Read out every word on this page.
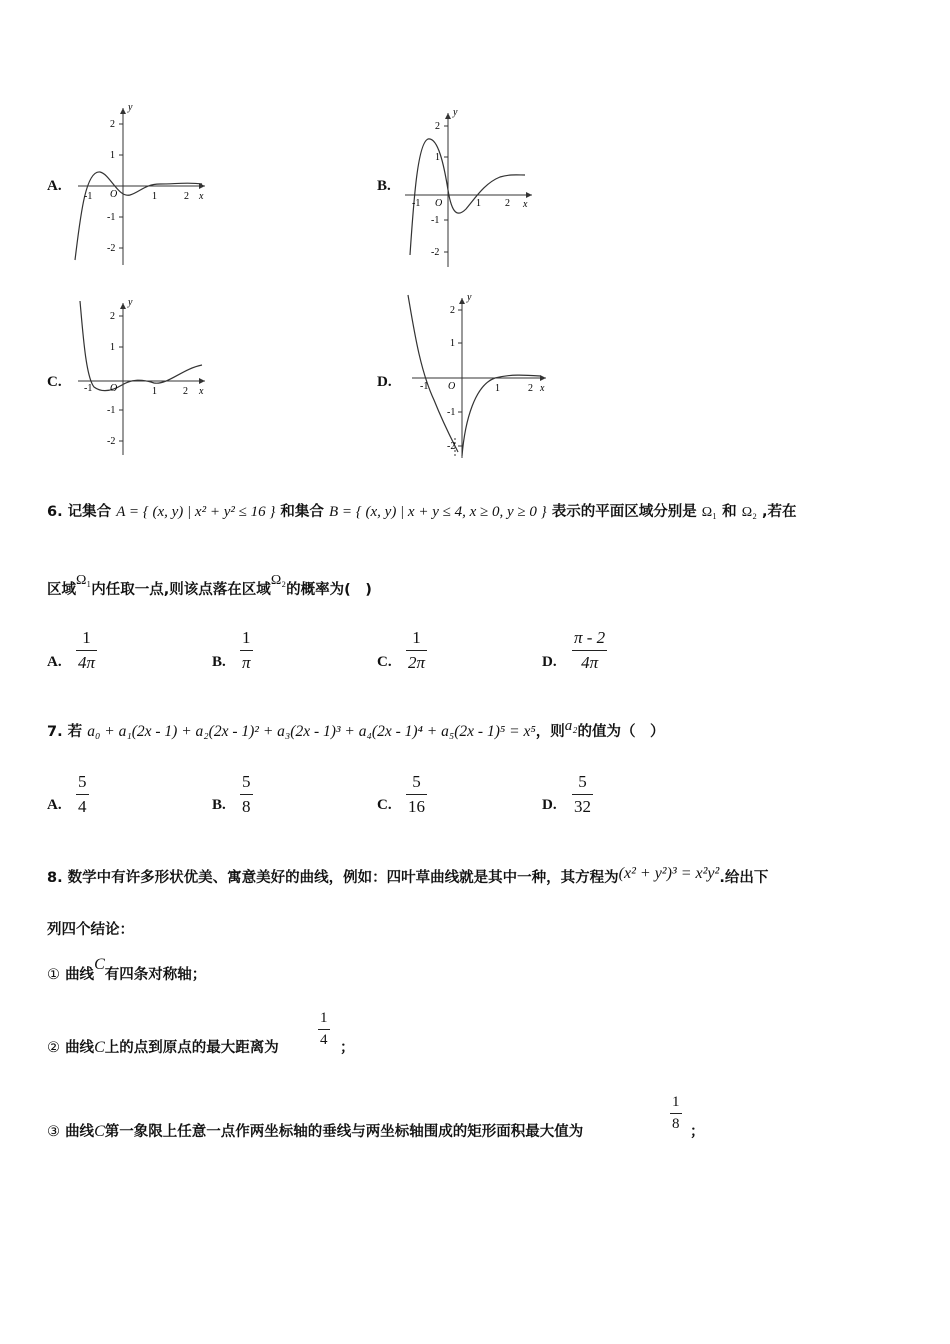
A.	B.
C.	D.
y
x
O
2
1
-1
-2
-1	1	2
y
x
O
2
1
-1
-2
-1	1 2
y
x
O
2
1
-1
-2
-1	1	2
y
x
O
2
1
-1
-2
-1	1	2
6. 记集合 A = { (x, y) | x² + y² ≤ 16 } 和集合 B = { (x, y) | x + y ≤ 4, x ≥ 0, y ≥ 0 } 表示的平面区域分别是 Ω₁ 和 Ω₂ ,若在
区域Ω₁内任取一点,则该点落在区域Ω₂的概率为(　)
A. $\frac{1}{4\pi}$	B. $\frac{1}{\pi}$	C. $\frac{1}{2\pi}$	D. $\frac{\pi - 2}{4\pi}$
7. 若 a₀ + a₁(2x - 1) + a₂(2x - 1)² + a₃(2x - 1)³ + a₄(2x - 1)⁴ + a₅(2x - 1)⁵ = x⁵，则a₂的值为（　）
A. $\frac{5}{4}$	B. $\frac{5}{8}$	C. $\frac{5}{16}$	D. $\frac{5}{32}$
8. 数学中有许多形状优美、寓意美好的曲线，例如：四叶草曲线就是其中一种，其方程为(x² + y²)³ = x²y².给出下
列四个结论：
① 曲线C有四条对称轴；
② 曲线C上的点到原点的最大距离为	$\frac{1}{4}$ ；
③ 曲线C第一象限上任意一点作两坐标轴的垂线与两坐标轴围成的矩形面积最大值为	$\frac{1}{8}$ ；
